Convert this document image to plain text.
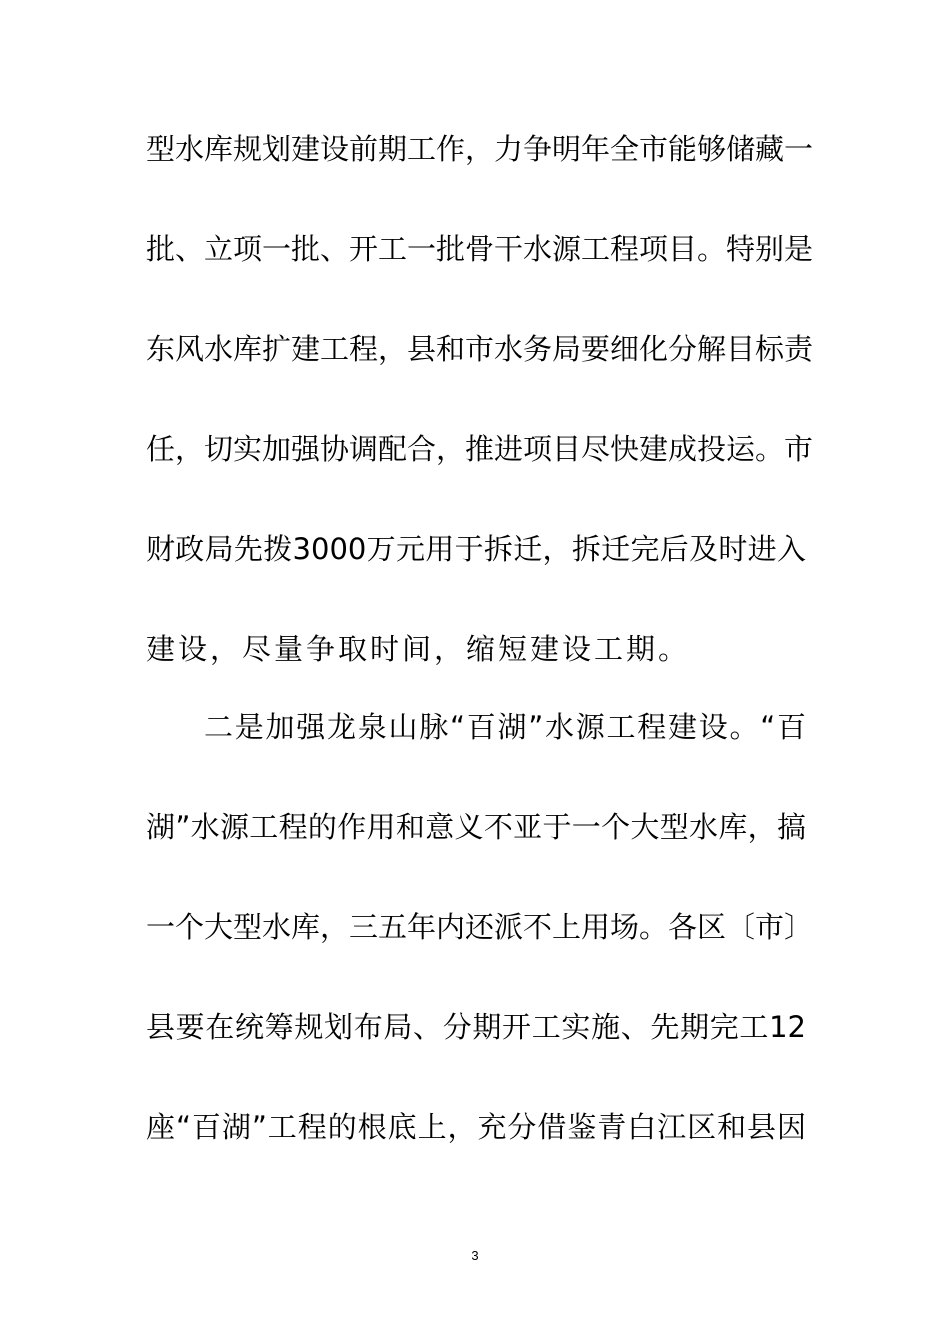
型水库规划建设前期工作，力争明年全市能够储藏一
批、立项一批、开工一批骨干水源工程项目。特别是
东风水库扩建工程，县和市水务局要细化分解目标责
任，切实加强协调配合，推进项目尽快建成投运。市
财政局先拨3000万元用于拆迁，拆迁完后及时进入
建设，尽量争取时间，缩短建设工期。
二是加强龙泉山脉“百湖”水源工程建设。“百
湖”水源工程的作用和意义不亚于一个大型水库，搞
一个大型水库，三五年内还派不上用场。各区〔市〕
县要在统筹规划布局、分期开工实施、先期完工12
座“百湖”工程的根底上，充分借鉴青白江区和县因
3
